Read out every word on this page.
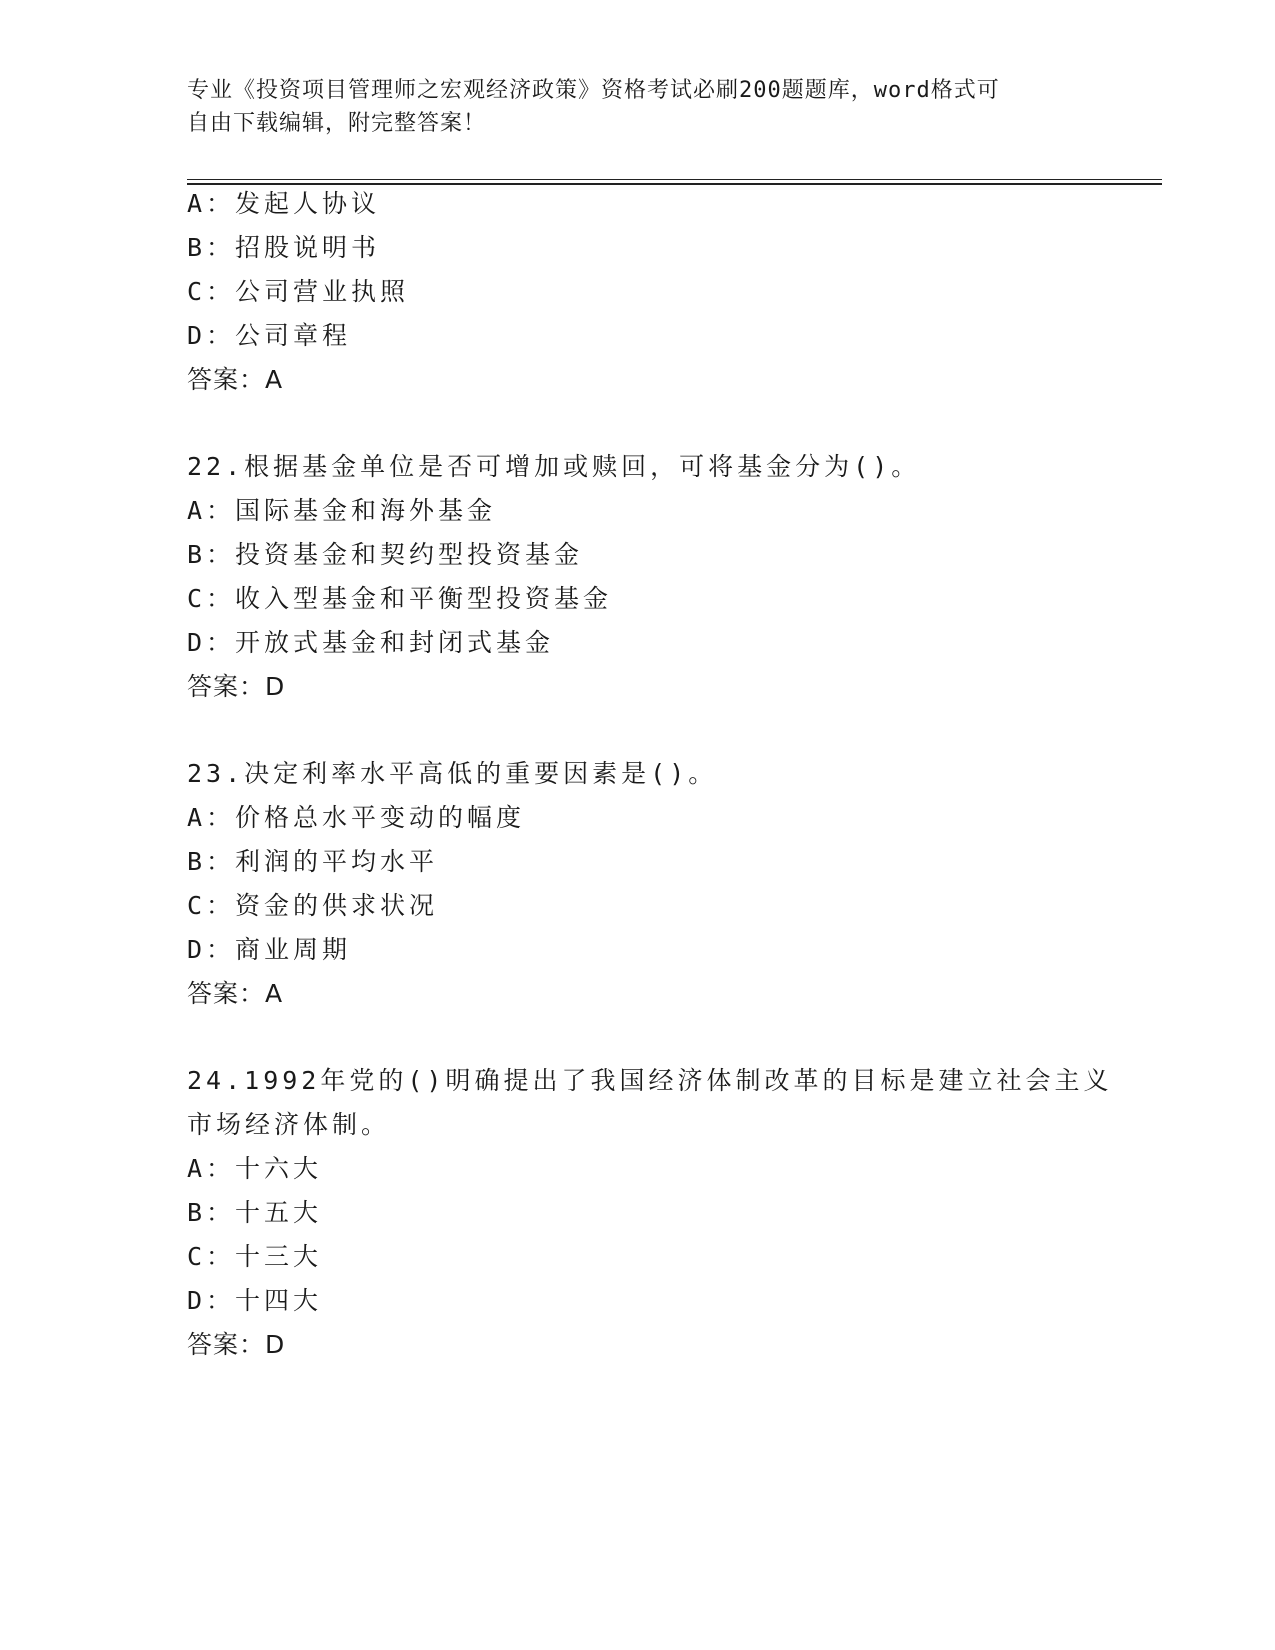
专业《投资项目管理师之宏观经济政策》资格考试必刷200题题库，word格式可
自由下载编辑，附完整答案！
A：发起人协议
B：招股说明书
C：公司营业执照
D：公司章程
答案：A
22.根据基金单位是否可增加或赎回，可将基金分为()。
A：国际基金和海外基金
B：投资基金和契约型投资基金
C：收入型基金和平衡型投资基金
D：开放式基金和封闭式基金
答案：D
23.决定利率水平高低的重要因素是()。
A：价格总水平变动的幅度
B：利润的平均水平
C：资金的供求状况
D：商业周期
答案：A
24.1992年党的()明确提出了我国经济体制改革的目标是建立社会主义
市场经济体制。
A：十六大
B：十五大
C：十三大
D：十四大
答案：D
